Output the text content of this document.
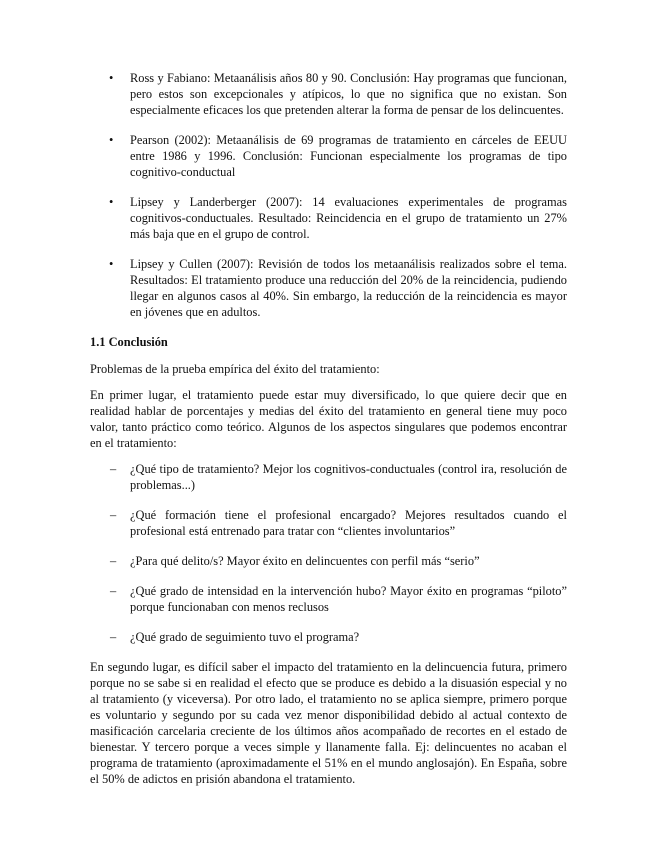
• Ross y Fabiano: Metaanálisis años 80 y 90. Conclusión: Hay programas que funcionan, pero estos son excepcionales y atípicos, lo que no significa que no existan. Son especialmente eficaces los que pretenden alterar la forma de pensar de los delincuentes.
• Pearson (2002): Metaanálisis de 69 programas de tratamiento en cárceles de EEUU entre 1986 y 1996. Conclusión: Funcionan especialmente los programas de tipo cognitivo-conductual
• Lipsey y Landerberger (2007): 14 evaluaciones experimentales de programas cognitivos-conductuales. Resultado: Reincidencia en el grupo de tratamiento un 27% más baja que en el grupo de control.
• Lipsey y Cullen (2007): Revisión de todos los metaanálisis realizados sobre el tema. Resultados: El tratamiento produce una reducción del 20% de la reincidencia, pudiendo llegar en algunos casos al 40%. Sin embargo, la reducción de la reincidencia es mayor en jóvenes que en adultos.
1.1 Conclusión

Problemas de la prueba empírica del éxito del tratamiento:

En primer lugar, el tratamiento puede estar muy diversificado, lo que quiere decir que en realidad hablar de porcentajes y medias del éxito del tratamiento en general tiene muy poco valor, tanto práctico como teórico. Algunos de los aspectos singulares que podemos encontrar en el tratamiento:

– ¿Qué tipo de tratamiento? Mejor los cognitivos-conductuales (control ira, resolución de problemas...)
– ¿Qué formación tiene el profesional encargado? Mejores resultados cuando el profesional está entrenado para tratar con “clientes involuntarios”
– ¿Para qué delito/s? Mayor éxito en delincuentes con perfil más “serio”
– ¿Qué grado de intensidad en la intervención hubo? Mayor éxito en programas “piloto” porque funcionaban con menos reclusos
– ¿Qué grado de seguimiento tuvo el programa?

En segundo lugar, es difícil saber el impacto del tratamiento en la delincuencia futura, primero porque no se sabe si en realidad el efecto que se produce es debido a la disuasión especial y no al tratamiento (y viceversa). Por otro lado, el tratamiento no se aplica siempre, primero porque es voluntario y segundo por su cada vez menor disponibilidad debido al actual contexto de masificación carcelaria creciente de los últimos años acompañado de recortes en el estado de bienestar. Y tercero porque a veces simple y llanamente falla. Ej: delincuentes no acaban el programa de tratamiento (aproximadamente el 51% en el mundo anglosajón). En España, sobre el 50% de adictos en prisión abandona el tratamiento.
